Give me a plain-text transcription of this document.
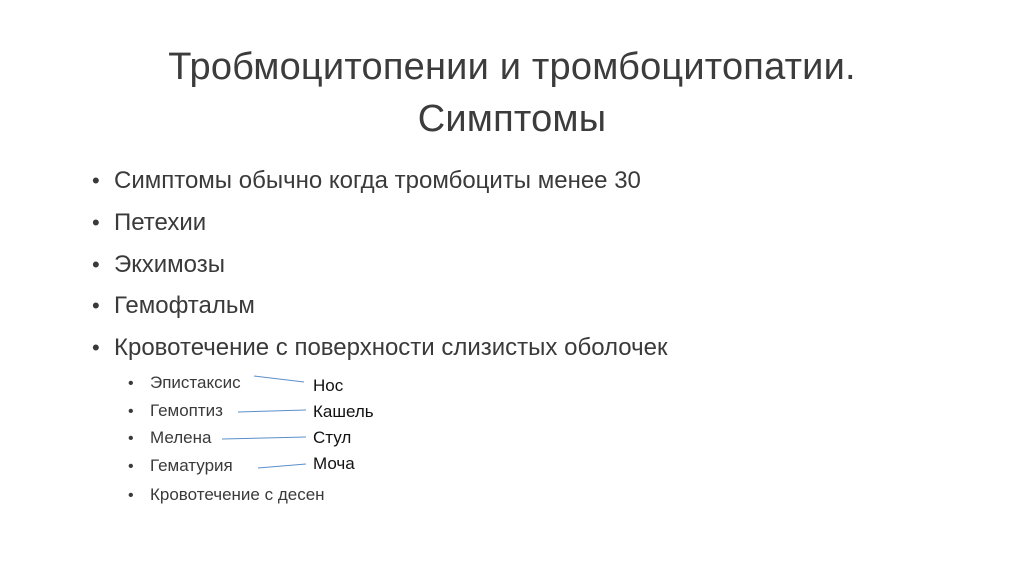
Тробмоцитопении и тромбоцитопатии.
Симптомы
• Симптомы обычно когда тромбоциты менее 30
• Петехии
• Экхимозы
• Гемофтальм
• Кровотечение с поверхности слизистых оболочек
• Эпистаксис
• Гемоптиз
• Мелена
• Гематурия
• Кровотечение с десен
Нос
Кашель
Стул
Моча
